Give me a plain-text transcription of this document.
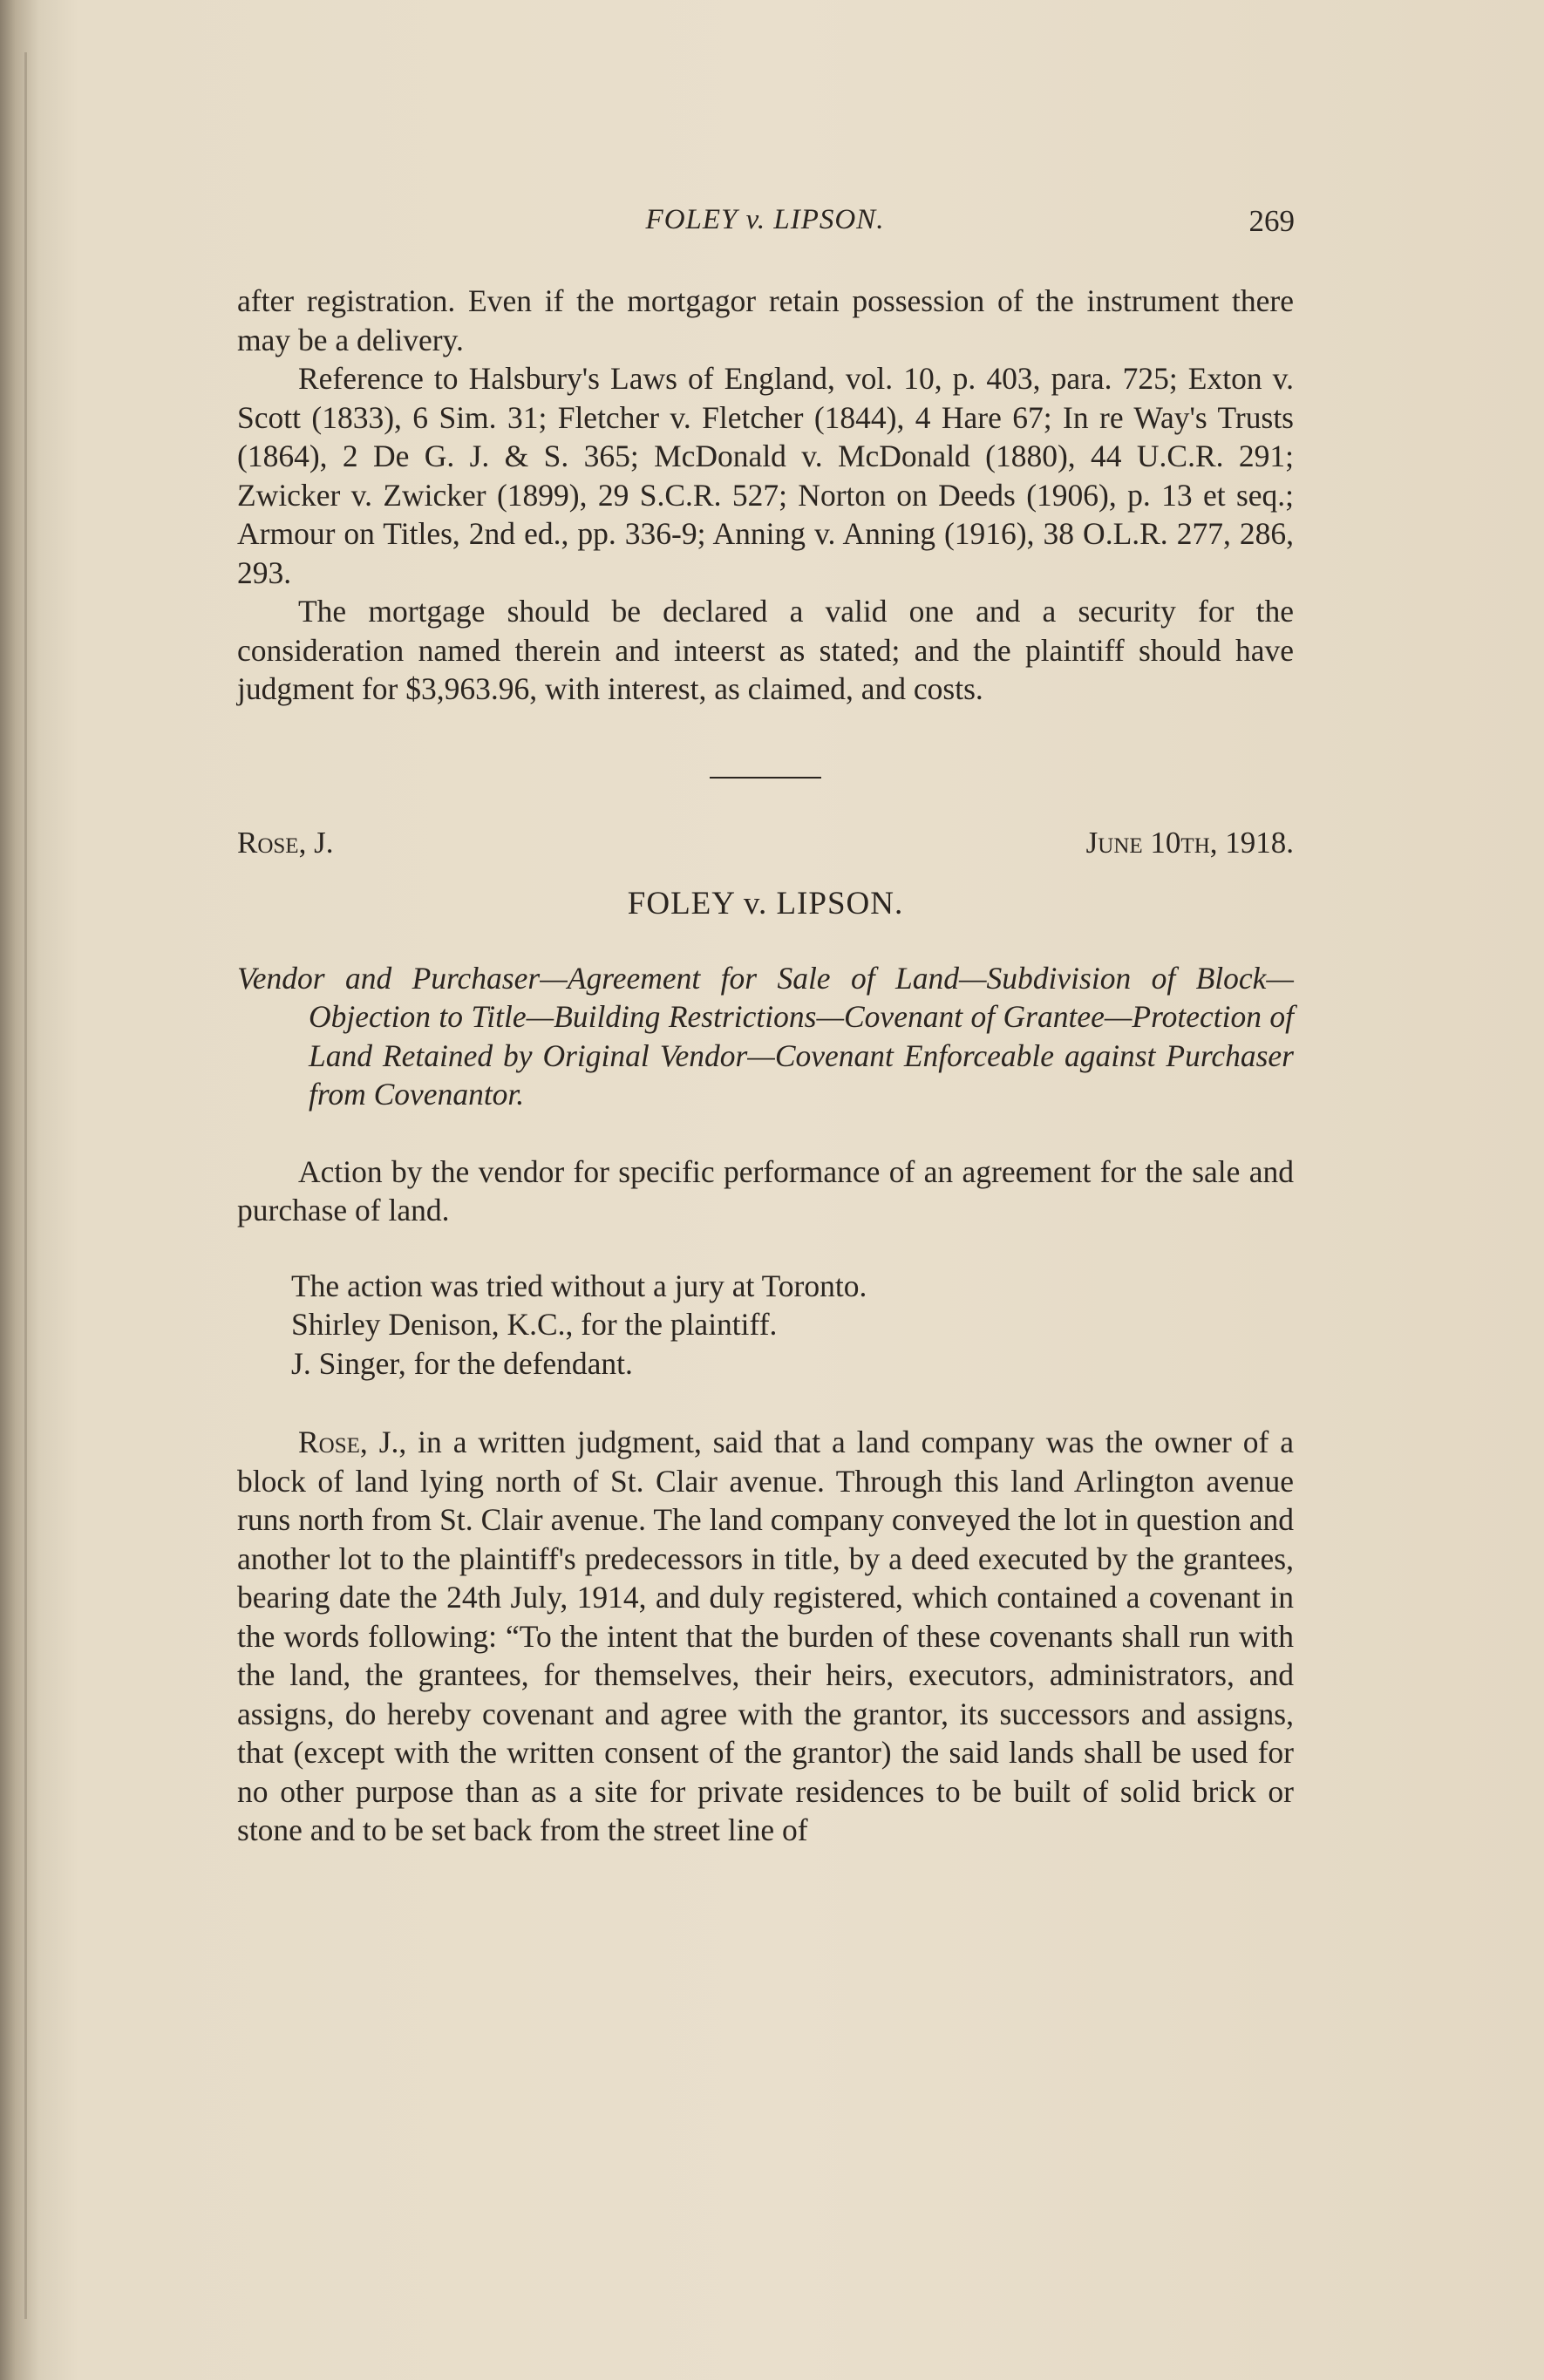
FOLEY v. LIPSON.	269

after registration. Even if the mortgagor retain possession of the instrument there may be a delivery.

Reference to Halsbury's Laws of England, vol. 10, p. 403, para. 725; Exton v. Scott (1833), 6 Sim. 31; Fletcher v. Fletcher (1844), 4 Hare 67; In re Way's Trusts (1864), 2 De G. J. & S. 365; McDonald v. McDonald (1880), 44 U.C.R. 291; Zwicker v. Zwicker (1899), 29 S.C.R. 527; Norton on Deeds (1906), p. 13 et seq.; Armour on Titles, 2nd ed., pp. 336-9; Anning v. Anning (1916), 38 O.L.R. 277, 286, 293.

The mortgage should be declared a valid one and a security for the consideration named therein and inteerst as stated; and the plaintiff should have judgment for $3,963.96, with interest, as claimed, and costs.

Rose, J.	June 10th, 1918.
FOLEY v. LIPSON.

Vendor and Purchaser—Agreement for Sale of Land—Subdivision of Block—Objection to Title—Building Restrictions—Covenant of Grantee—Protection of Land Retained by Original Vendor—Covenant Enforceable against Purchaser from Covenantor.

Action by the vendor for specific performance of an agreement for the sale and purchase of land.

The action was tried without a jury at Toronto.

Shirley Denison, K.C., for the plaintiff.

J. Singer, for the defendant.

Rose, J., in a written judgment, said that a land company was the owner of a block of land lying north of St. Clair avenue. Through this land Arlington avenue runs north from St. Clair avenue. The land company conveyed the lot in question and another lot to the plaintiff's predecessors in title, by a deed executed by the grantees, bearing date the 24th July, 1914, and duly registered, which contained a covenant in the words following: “To the intent that the burden of these covenants shall run with the land, the grantees, for themselves, their heirs, executors, administrators, and assigns, do hereby covenant and agree with the grantor, its successors and assigns, that (except with the written consent of the grantor) the said lands shall be used for no other purpose than as a site for private residences to be built of solid brick or stone and to be set back from the street line of
